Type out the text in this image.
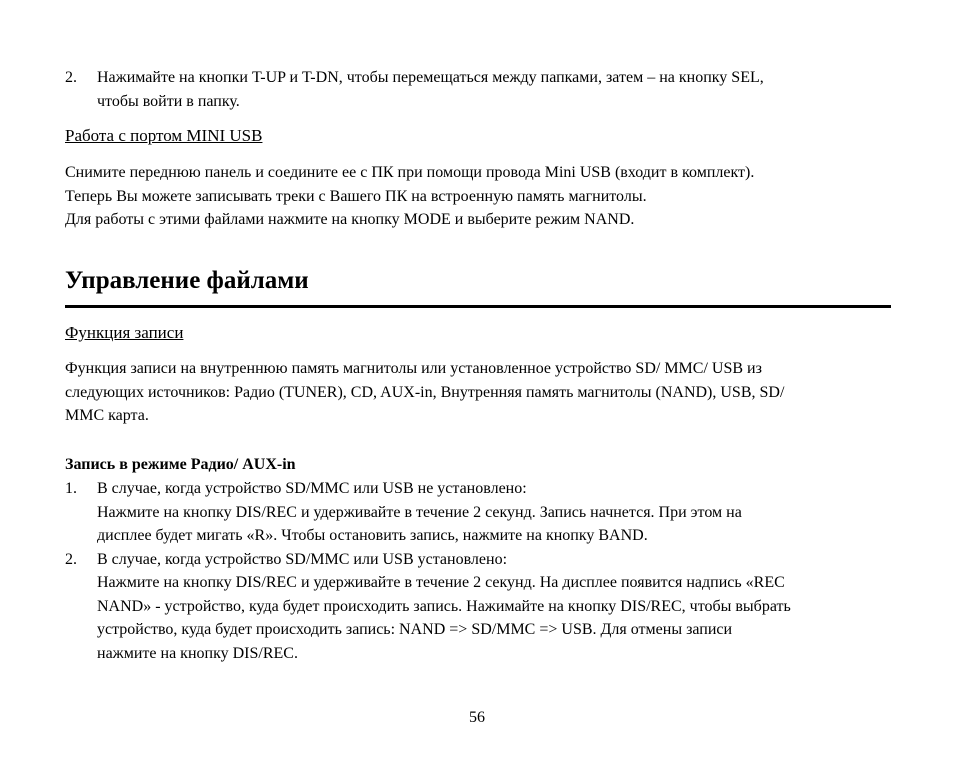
2.	Нажимайте на кнопки T-UP и T-DN, чтобы перемещаться между папками, затем – на кнопку SEL,

чтобы войти в папку.

Работа с портом MINI USB

Снимите переднюю панель и соедините ее с ПК при помощи провода Mini USB (входит в комплект).

Теперь Вы можете записывать треки с Вашего ПК на встроенную память магнитолы.

Для работы с этими файлами нажмите на кнопку MODE и выберите режим NAND.

Управление файлами
Функция записи

Функция записи на внутреннюю память магнитолы или установленное устройство SD/ MMC/ USB из

следующих источников: Радио (TUNER), CD, AUX-in, Внутренняя память магнитолы (NAND), USB, SD/

MMC карта.

Запись в режиме Радио/ AUX-in
1.	В случае, когда устройство SD/MMC или USB не установлено:

Нажмите на кнопку DIS/REC и удерживайте в течение 2 секунд. Запись начнется. При этом на

дисплее будет мигать «R». Чтобы остановить запись, нажмите на кнопку BAND.

2.	В случае, когда устройство SD/MMC или USB установлено:

Нажмите на кнопку DIS/REC и удерживайте в течение 2 секунд. На дисплее появится надпись «REC

NAND» - устройство, куда будет происходить запись. Нажимайте на кнопку DIS/REC, чтобы выбрать

устройство, куда будет происходить запись: NAND => SD/MMC => USB. Для отмены записи

нажмите на кнопку DIS/REC.

56
